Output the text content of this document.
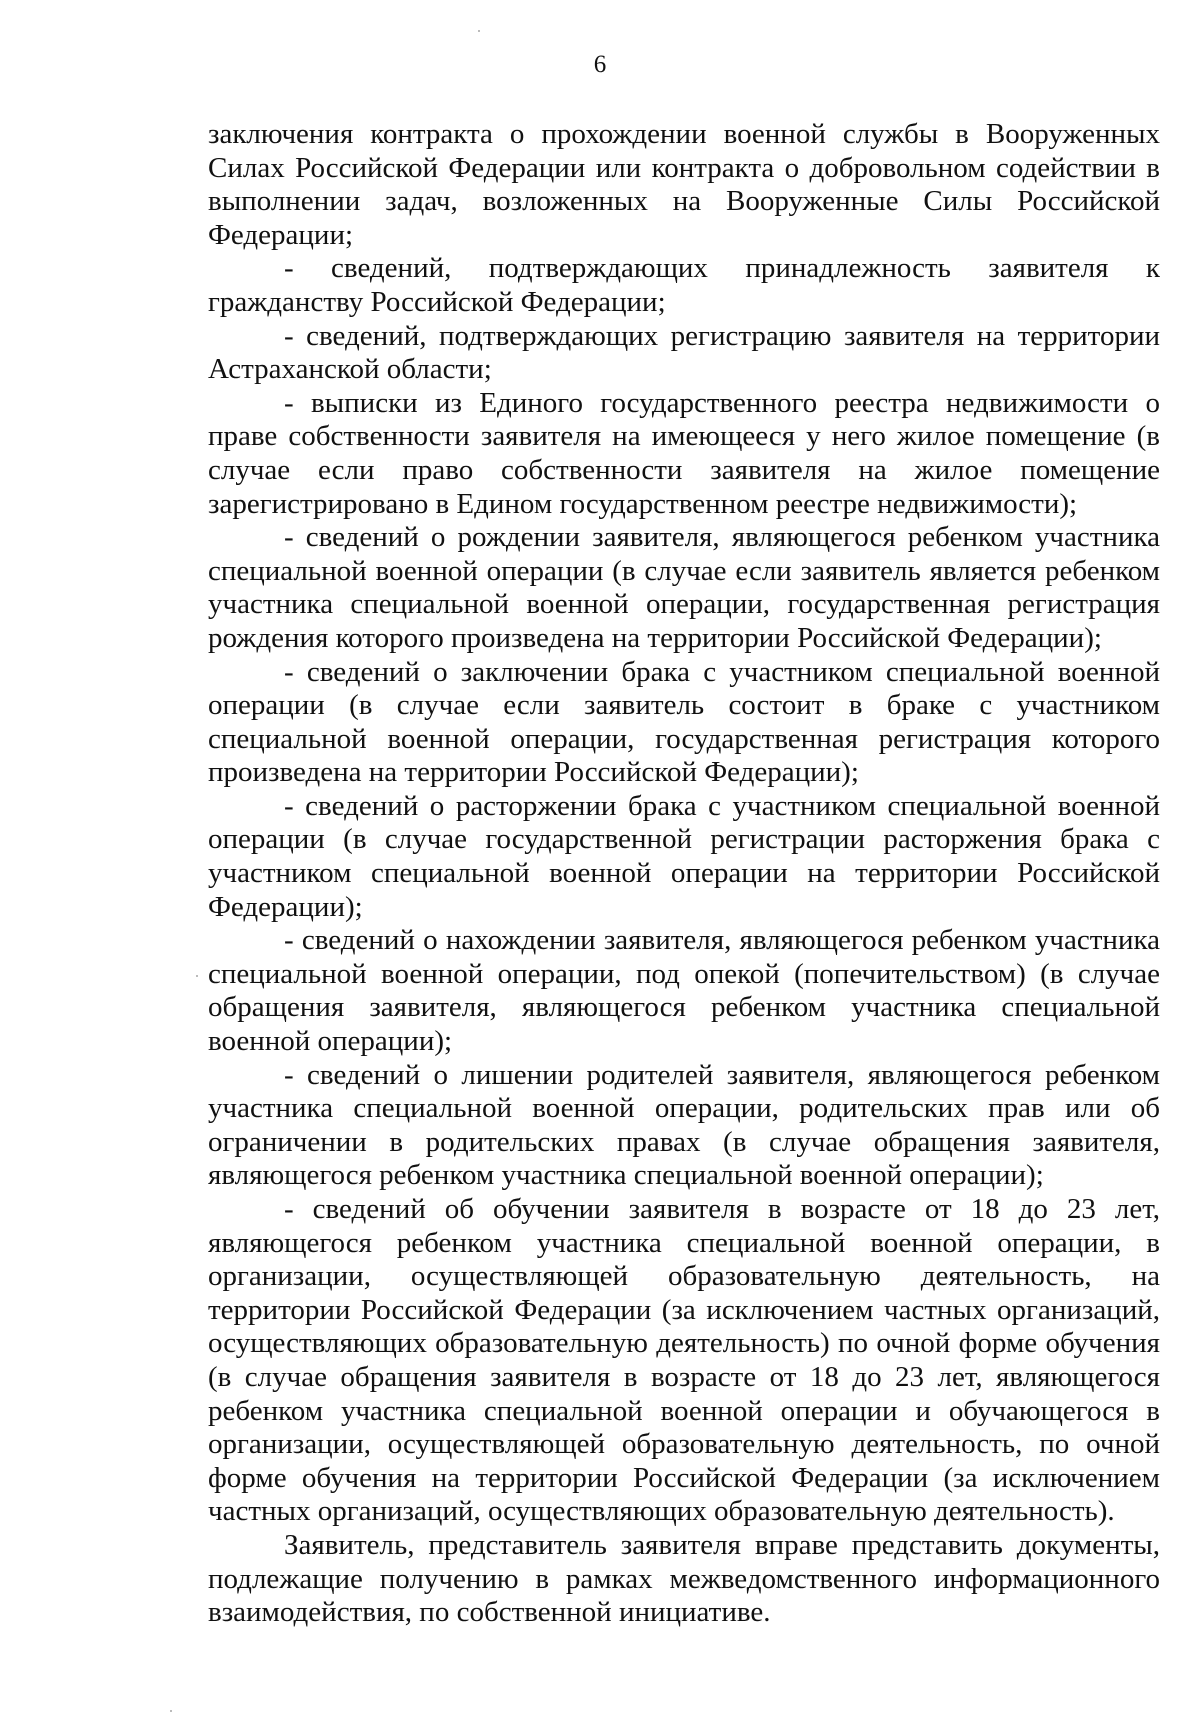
6

заключения контракта о прохождении военной службы в Вооруженных Силах Российской Федерации или контракта о добровольном содействии в выполнении задач, возложенных на Вооруженные Силы Российской Федерации;

- сведений, подтверждающих принадлежность заявителя к гражданству Российской Федерации;

- сведений, подтверждающих регистрацию заявителя на территории Астраханской области;

- выписки из Единого государственного реестра недвижимости о праве собственности заявителя на имеющееся у него жилое помещение (в случае если право собственности заявителя на жилое помещение зарегистрировано в Едином государственном реестре недвижимости);

- сведений о рождении заявителя, являющегося ребенком участника специальной военной операции (в случае если заявитель является ребенком участника специальной военной операции, государственная регистрация рождения которого произведена на территории Российской Федерации);

- сведений о заключении брака с участником специальной военной операции (в случае если заявитель состоит в браке с участником специальной военной операции, государственная регистрация которого произведена на территории Российской Федерации);

- сведений о расторжении брака с участником специальной военной операции (в случае государственной регистрации расторжения брака с участником специальной военной операции на территории Российской Федерации);

- сведений о нахождении заявителя, являющегося ребенком участника специальной военной операции, под опекой (попечительством) (в случае обращения заявителя, являющегося ребенком участника специальной военной операции);

- сведений о лишении родителей заявителя, являющегося ребенком участника специальной военной операции, родительских прав или об ограничении в родительских правах (в случае обращения заявителя, являющегося ребенком участника специальной военной операции);

- сведений об обучении заявителя в возрасте от 18 до 23 лет, являющегося ребенком участника специальной военной операции, в организации, осуществляющей образовательную деятельность, на территории Российской Федерации (за исключением частных организаций, осуществляющих образовательную деятельность) по очной форме обучения (в случае обращения заявителя в возрасте от 18 до 23 лет, являющегося ребенком участника специальной военной операции и обучающегося в организации, осуществляющей образовательную деятельность, по очной форме обучения на территории Российской Федерации (за исключением частных организаций, осуществляющих образовательную деятельность).

Заявитель, представитель заявителя вправе представить документы, подлежащие получению в рамках межведомственного информационного взаимодействия, по собственной инициативе.
